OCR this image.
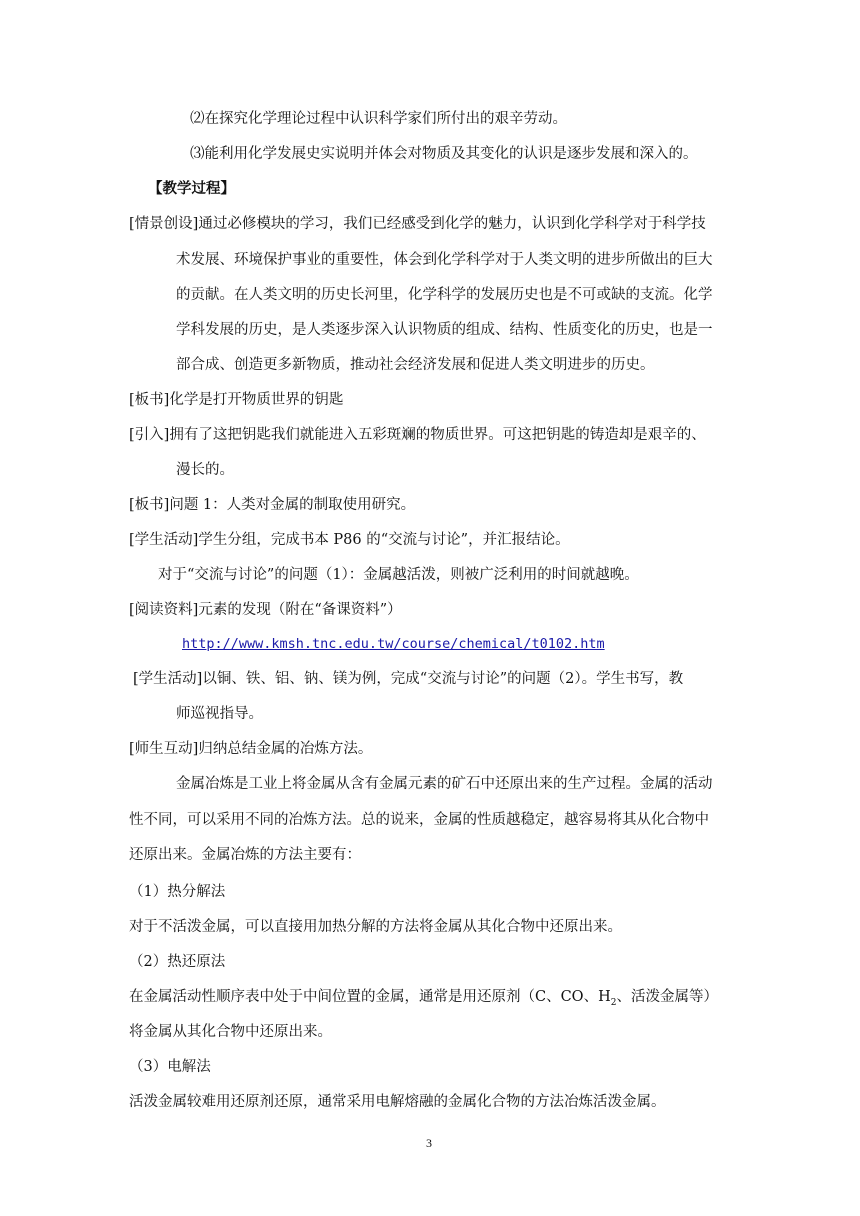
⑵在探究化学理论过程中认识科学家们所付出的艰辛劳动。
⑶能利用化学发展史实说明并体会对物质及其变化的认识是逐步发展和深入的。
【教学过程】
[情景创设]通过必修模块的学习，我们已经感受到化学的魅力，认识到化学科学对于科学技
术发展、环境保护事业的重要性，体会到化学科学对于人类文明的进步所做出的巨大
的贡献。在人类文明的历史长河里，化学科学的发展历史也是不可或缺的支流。化学
学科发展的历史，是人类逐步深入认识物质的组成、结构、性质变化的历史，也是一
部合成、创造更多新物质，推动社会经济发展和促进人类文明进步的历史。
[板书]化学是打开物质世界的钥匙
[引入]拥有了这把钥匙我们就能进入五彩斑斓的物质世界。可这把钥匙的铸造却是艰辛的、
漫长的。
[板书]问题 1：人类对金属的制取使用研究。
[学生活动]学生分组，完成书本 P86 的“交流与讨论”，并汇报结论。
对于“交流与讨论”的问题（1）：金属越活泼，则被广泛利用的时间就越晚。
[阅读资料]元素的发现（附在“备课资料”）
http://www.kmsh.tnc.edu.tw/course/chemical/t0102.htm
[学生活动]以铜、铁、铝、钠、镁为例，完成“交流与讨论”的问题（2）。学生书写，教
师巡视指导。
[师生互动]归纳总结金属的冶炼方法。
金属冶炼是工业上将金属从含有金属元素的矿石中还原出来的生产过程。金属的活动
性不同，可以采用不同的冶炼方法。总的说来，金属的性质越稳定，越容易将其从化合物中
还原出来。金属冶炼的方法主要有：
（1）热分解法
对于不活泼金属，可以直接用加热分解的方法将金属从其化合物中还原出来。
（2）热还原法
在金属活动性顺序表中处于中间位置的金属，通常是用还原剂（C、CO、$H_2$、活泼金属等）
将金属从其化合物中还原出来。
（3）电解法
活泼金属较难用还原剂还原，通常采用电解熔融的金属化合物的方法冶炼活泼金属。
3
